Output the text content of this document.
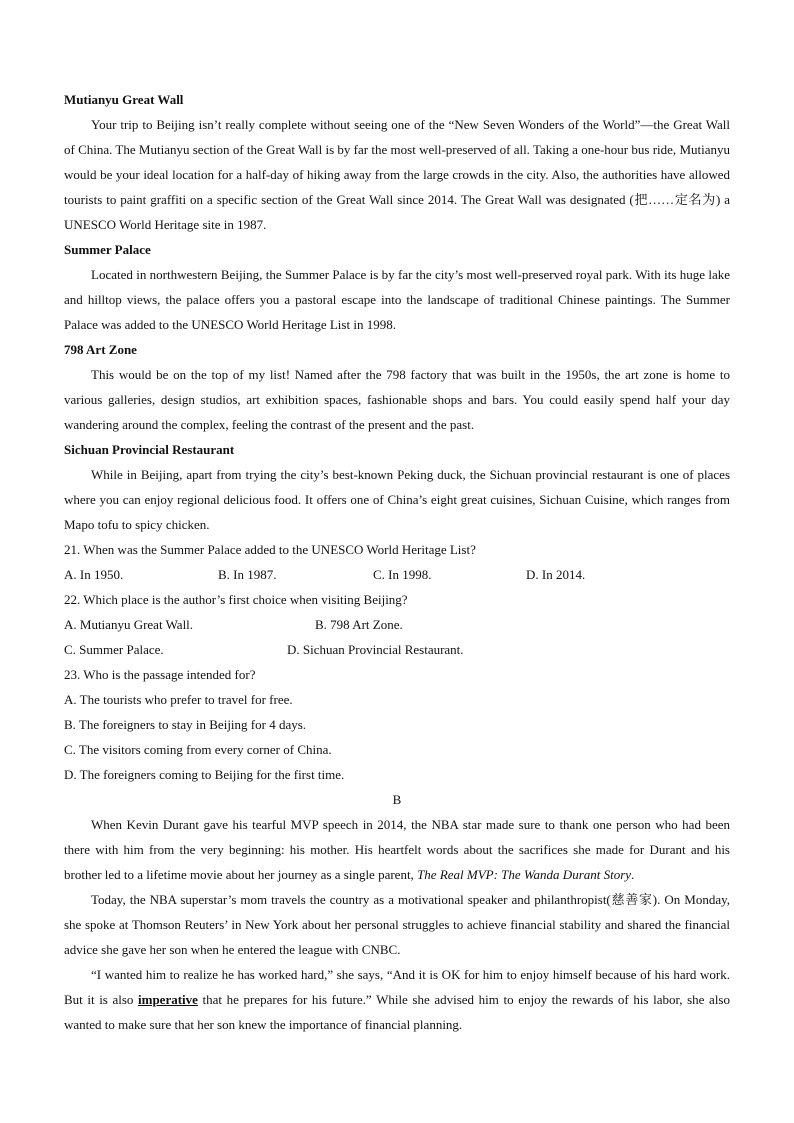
Mutianyu Great Wall

Your trip to Beijing isn’t really complete without seeing one of the “New Seven Wonders of the World”—the Great Wall of China. The Mutianyu section of the Great Wall is by far the most well-preserved of all. Taking a one-hour bus ride, Mutianyu would be your ideal location for a half-day of hiking away from the large crowds in the city. Also, the authorities have allowed tourists to paint graffiti on a specific section of the Great Wall since 2014. The Great Wall was designated (把……定名为) a UNESCO World Heritage site in 1987.

Summer Palace

Located in northwestern Beijing, the Summer Palace is by far the city’s most well-preserved royal park. With its huge lake and hilltop views, the palace offers you a pastoral escape into the landscape of traditional Chinese paintings. The Summer Palace was added to the UNESCO World Heritage List in 1998.

798 Art Zone

This would be on the top of my list! Named after the 798 factory that was built in the 1950s, the art zone is home to various galleries, design studios, art exhibition spaces, fashionable shops and bars. You could easily spend half your day wandering around the complex, feeling the contrast of the present and the past.

Sichuan Provincial Restaurant

While in Beijing, apart from trying the city’s best-known Peking duck, the Sichuan provincial restaurant is one of places where you can enjoy regional delicious food. It offers one of China’s eight great cuisines, Sichuan Cuisine, which ranges from Mapo tofu to spicy chicken.

21. When was the Summer Palace added to the UNESCO World Heritage List?
A. In 1950.	B. In 1987.	C. In 1998.	D. In 2014.
22. Which place is the author’s first choice when visiting Beijing?
A. Mutianyu Great Wall.	B. 798 Art Zone.
C. Summer Palace.	D. Sichuan Provincial Restaurant.
23. Who is the passage intended for?
A. The tourists who prefer to travel for free.
B. The foreigners to stay in Beijing for 4 days.
C. The visitors coming from every corner of China.
D. The foreigners coming to Beijing for the first time.
B

When Kevin Durant gave his tearful MVP speech in 2014, the NBA star made sure to thank one person who had been there with him from the very beginning: his mother. His heartfelt words about the sacrifices she made for Durant and his brother led to a lifetime movie about her journey as a single parent, The Real MVP: The Wanda Durant Story.

Today, the NBA superstar’s mom travels the country as a motivational speaker and philanthropist(慈善家). On Monday, she spoke at Thomson Reuters’ in New York about her personal struggles to achieve financial stability and shared the financial advice she gave her son when he entered the league with CNBC.

“I wanted him to realize he has worked hard,” she says, “And it is OK for him to enjoy himself because of his hard work. But it is also imperative that he prepares for his future.” While she advised him to enjoy the rewards of his labor, she also wanted to make sure that her son knew the importance of financial planning.
